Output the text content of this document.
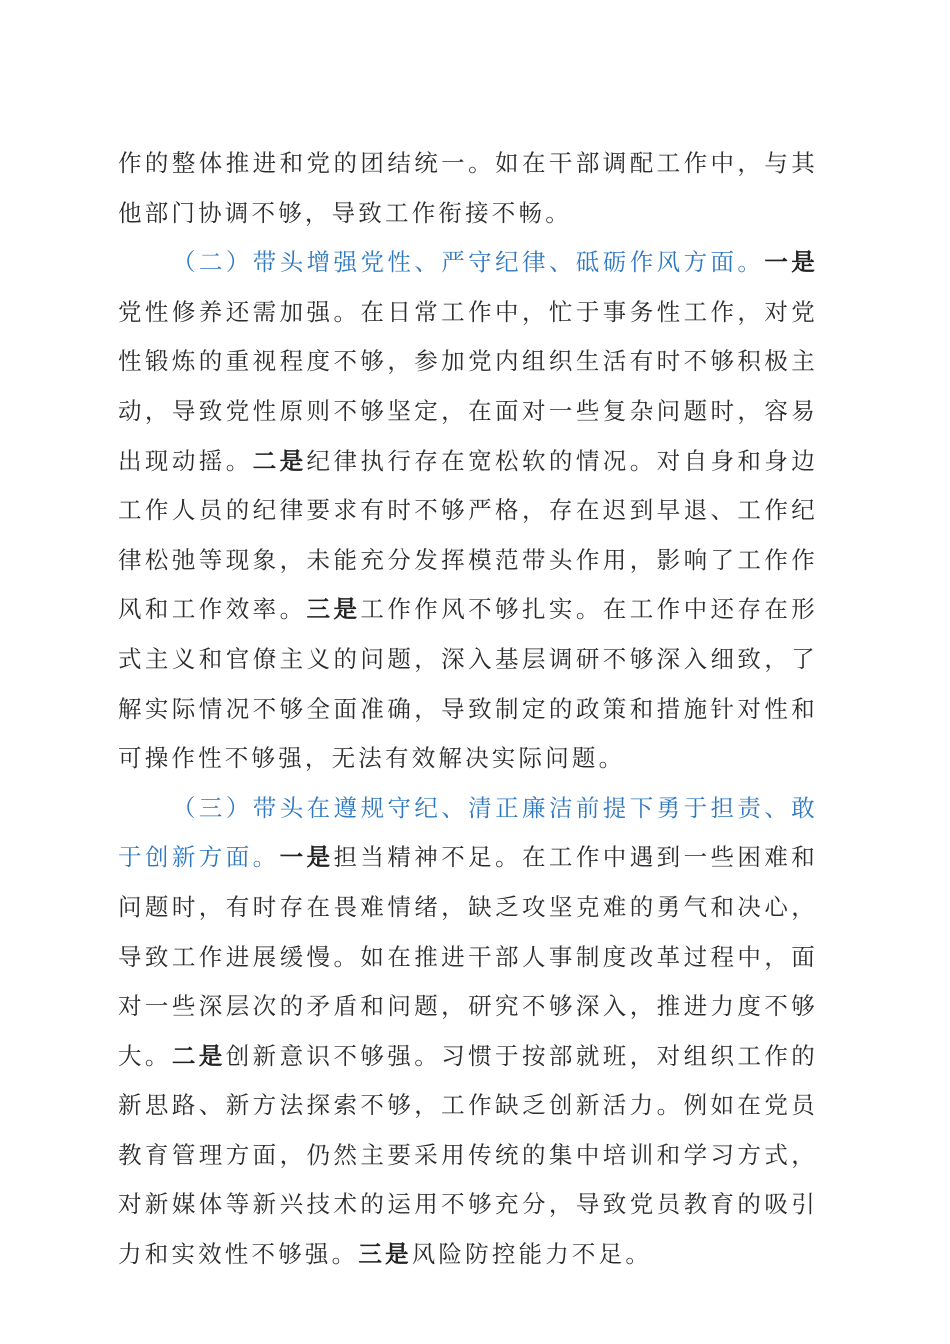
作的整体推进和党的团结统一。如在干部调配工作中，与其他部门协调不够，导致工作衔接不畅。

（二）带头增强党性、严守纪律、砥砺作风方面。一是党性修养还需加强。在日常工作中，忙于事务性工作，对党性锻炼的重视程度不够，参加党内组织生活有时不够积极主动，导致党性原则不够坚定，在面对一些复杂问题时，容易出现动摇。二是纪律执行存在宽松软的情况。对自身和身边工作人员的纪律要求有时不够严格，存在迟到早退、工作纪律松弛等现象，未能充分发挥模范带头作用，影响了工作作风和工作效率。三是工作作风不够扎实。在工作中还存在形式主义和官僚主义的问题，深入基层调研不够深入细致，了解实际情况不够全面准确，导致制定的政策和措施针对性和可操作性不够强，无法有效解决实际问题。

（三）带头在遵规守纪、清正廉洁前提下勇于担责、敢于创新方面。一是担当精神不足。在工作中遇到一些困难和问题时，有时存在畏难情绪，缺乏攻坚克难的勇气和决心，导致工作进展缓慢。如在推进干部人事制度改革过程中，面对一些深层次的矛盾和问题，研究不够深入，推进力度不够大。二是创新意识不够强。习惯于按部就班，对组织工作的新思路、新方法探索不够，工作缺乏创新活力。例如在党员教育管理方面，仍然主要采用传统的集中培训和学习方式，对新媒体等新兴技术的运用不够充分，导致党员教育的吸引力和实效性不够强。三是风险防控能力不足。
